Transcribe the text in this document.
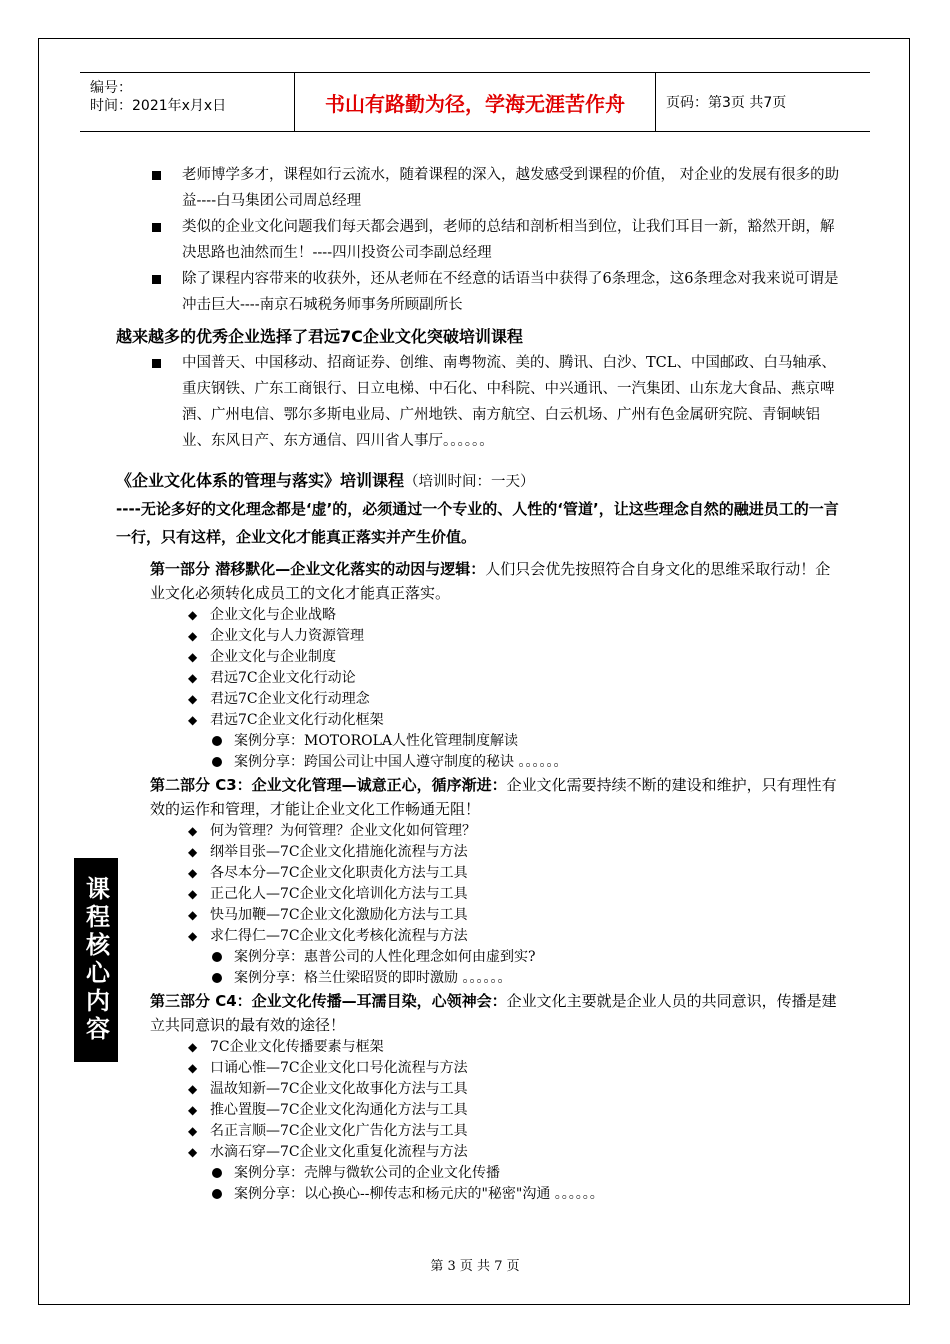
编号：
时间：2021年x月x日	书山有路勤为径，学海无涯苦作舟	页码：第3页 共7页
老师博学多才，课程如行云流水，随着课程的深入，越发感受到课程的价值， 对企业的发展有很多的助益----白马集团公司周总经理
类似的企业文化问题我们每天都会遇到，老师的总结和剖析相当到位，让我们耳目一新，豁然开朗，解决思路也油然而生！----四川投资公司李副总经理
除了课程内容带来的收获外，还从老师在不经意的话语当中获得了6条理念，这6条理念对我来说可谓是冲击巨大----南京石城税务师事务所顾副所长
越来越多的优秀企业选择了君远7C企业文化突破培训课程
中国普天、中国移动、招商证券、创维、南粤物流、美的、腾讯、白沙、TCL、中国邮政、白马轴承、重庆钢铁、广东工商银行、日立电梯、中石化、中科院、中兴通讯、一汽集团、山东龙大食品、燕京啤酒、广州电信、鄂尔多斯电业局、广州地铁、南方航空、白云机场、广州有色金属研究院、青铜峡铝业、东风日产、东方通信、四川省人事厅。。。。。。
《企业文化体系的管理与落实》培训课程（培训时间：一天）
----无论多好的文化理念都是‘虚’的，必须通过一个专业的、人性的‘管道’，让这些理念自然的融进员工的一言一行，只有这样，企业文化才能真正落实并产生价值。
第一部分 潜移默化—企业文化落实的动因与逻辑：人们只会优先按照符合自身文化的思维采取行动！企业文化必须转化成员工的文化才能真正落实。
◆ 企业文化与企业战略
◆ 企业文化与人力资源管理
◆ 企业文化与企业制度
◆ 君远7C企业文化行动论
◆ 君远7C企业文化行动理念
◆ 君远7C企业文化行动化框架
案例分享：MOTOROLA人性化管理制度解读
案例分享：跨国公司让中国人遵守制度的秘诀 。。。。。。
第二部分 C3：企业文化管理—诚意正心，循序渐进：企业文化需要持续不断的建设和维护，只有理性有效的运作和管理，才能让企业文化工作畅通无阻！
◆ 何为管理？为何管理？企业文化如何管理？
◆ 纲举目张—7C企业文化措施化流程与方法
◆ 各尽本分—7C企业文化职责化方法与工具
◆ 正己化人—7C企业文化培训化方法与工具
◆ 快马加鞭—7C企业文化激励化方法与工具
◆ 求仁得仁—7C企业文化考核化流程与方法
案例分享：惠普公司的人性化理念如何由虚到实?
案例分享：格兰仕梁昭贤的即时激励 。。。。。。
第三部分 C4：企业文化传播—耳濡目染，心领神会：企业文化主要就是企业人员的共同意识，传播是建立共同意识的最有效的途径！
◆ 7C企业文化传播要素与框架
◆ 口诵心惟—7C企业文化口号化流程与方法
◆ 温故知新—7C企业文化故事化方法与工具
◆ 推心置腹—7C企业文化沟通化方法与工具
◆ 名正言顺—7C企业文化广告化方法与工具
◆ 水滴石穿—7C企业文化重复化流程与方法
案例分享：壳牌与微软公司的企业文化传播
案例分享：以心换心--柳传志和杨元庆的"秘密"沟通 。。。。。。
课程核心内容
第 3 页 共 7 页
